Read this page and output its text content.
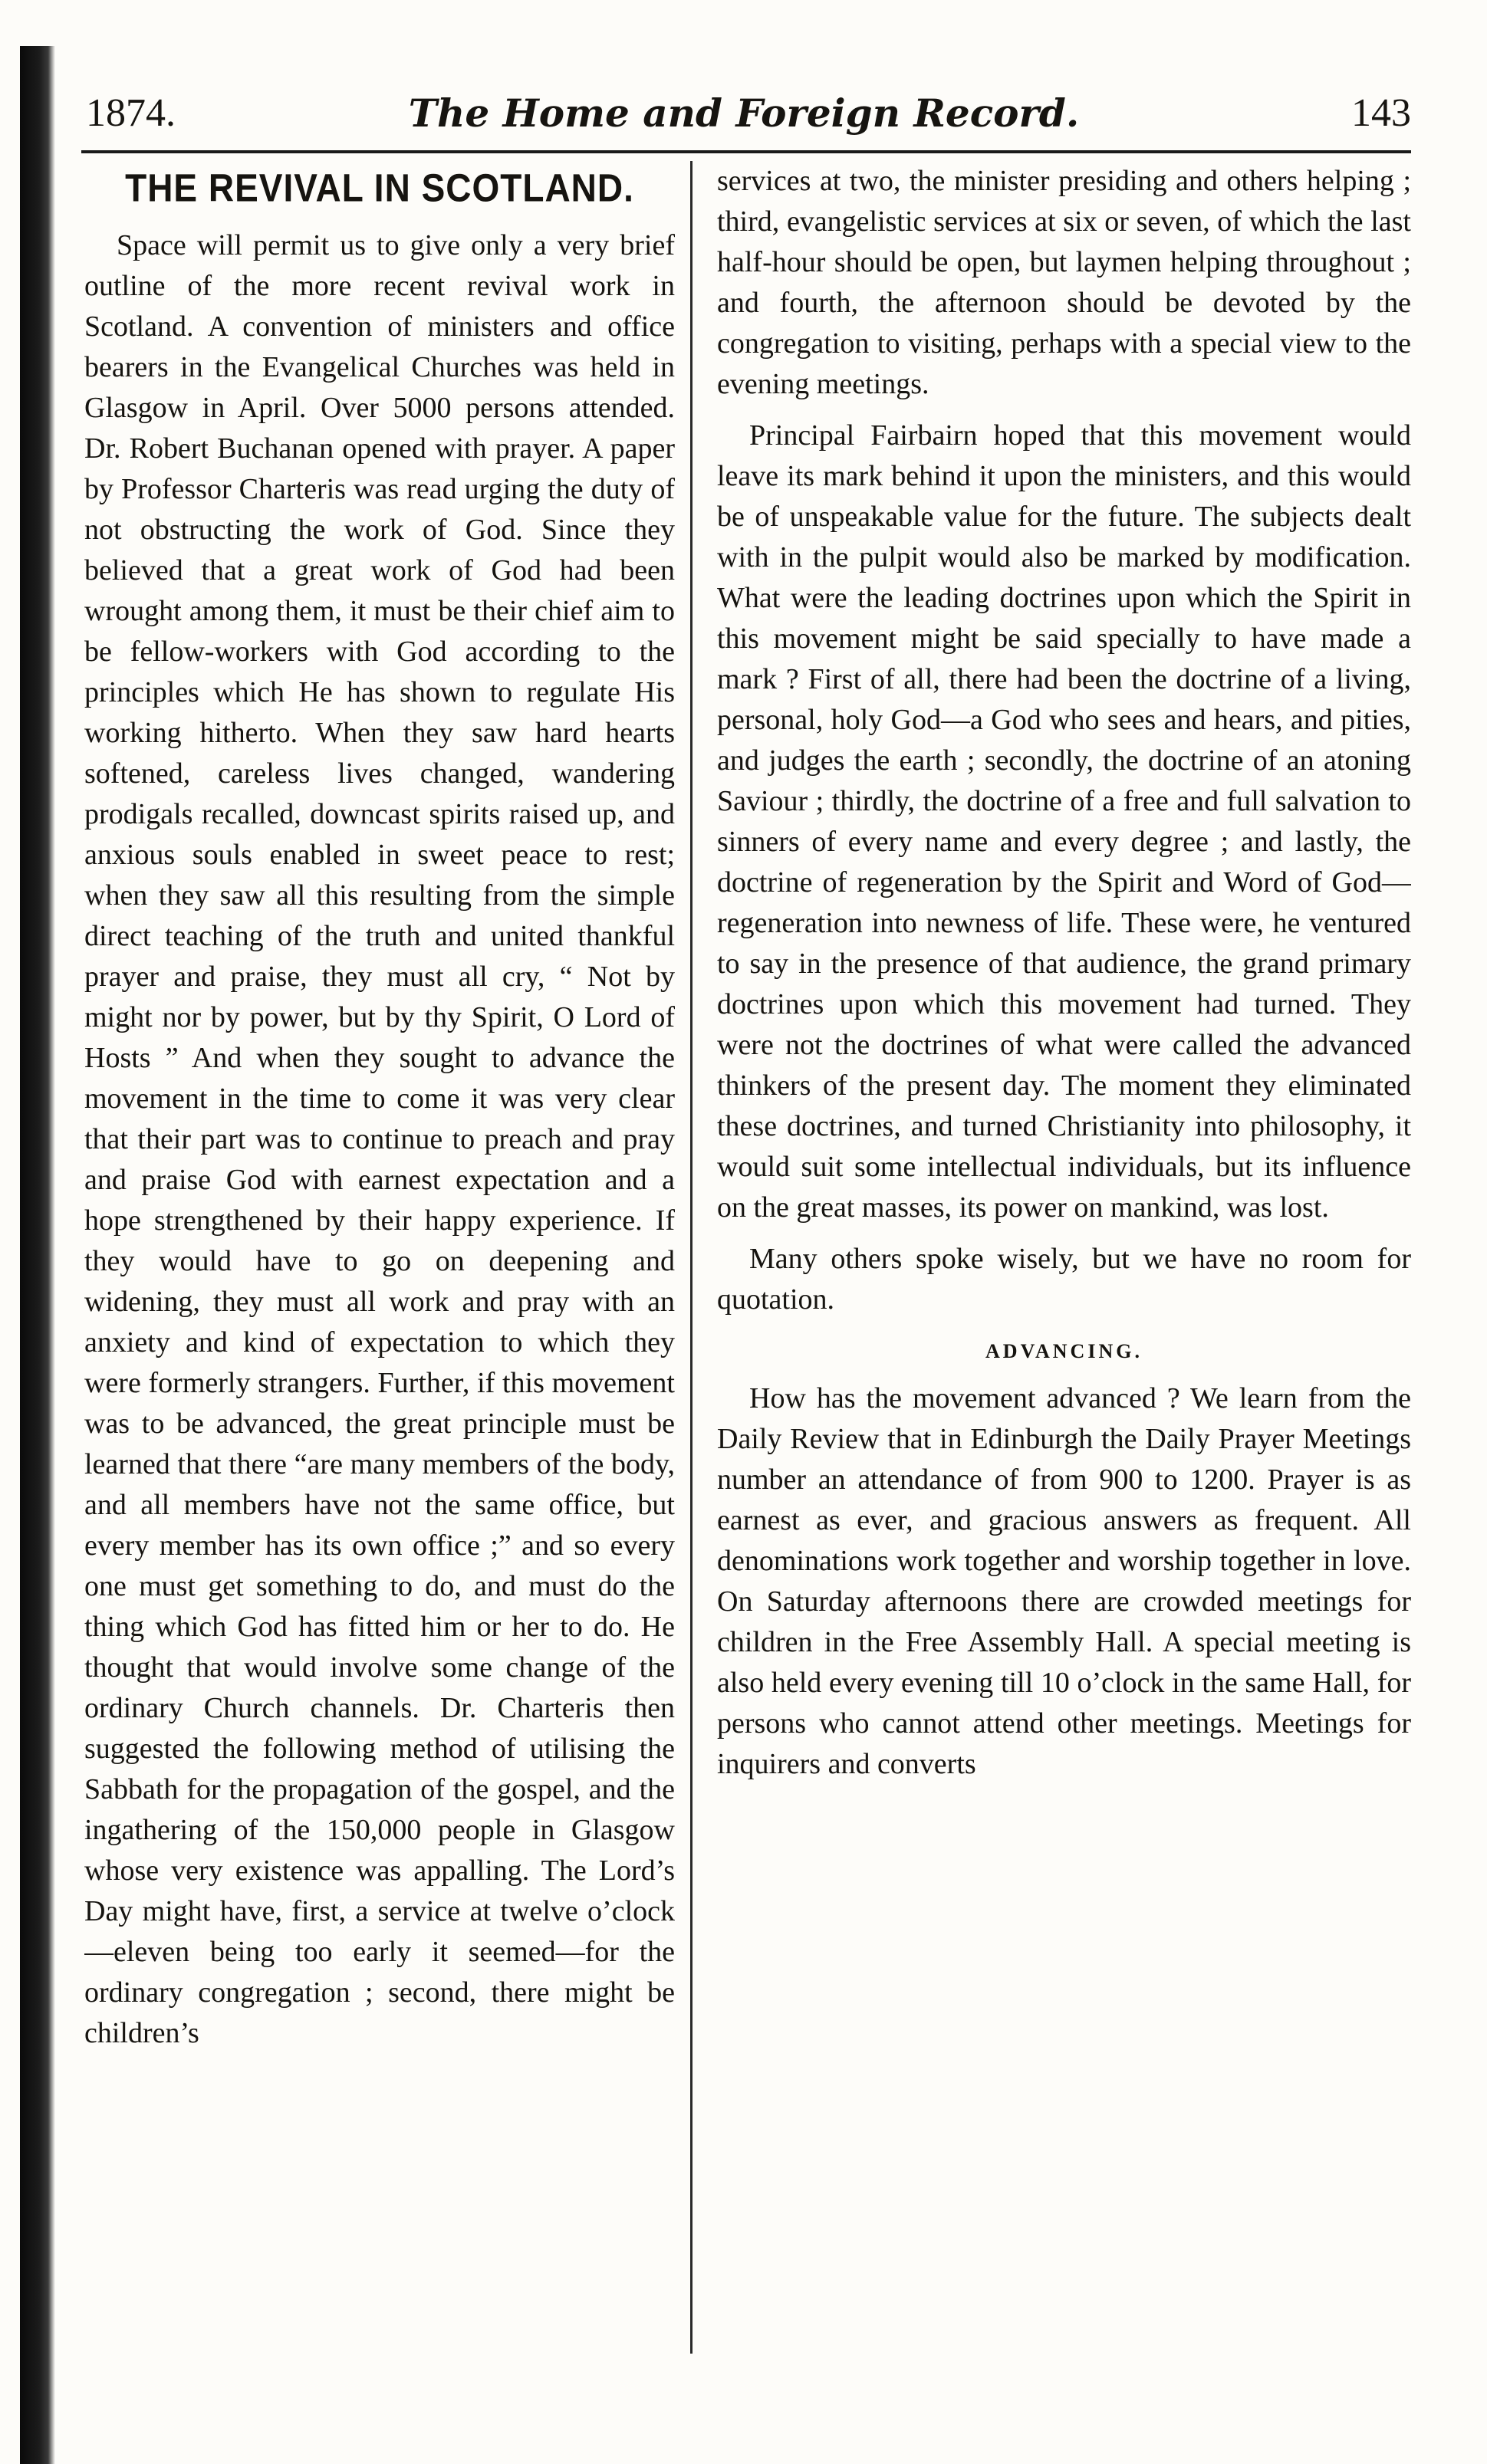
1874.	The Home and Foreign Record.	143
THE REVIVAL IN SCOTLAND.

Space will permit us to give only a very brief outline of the more recent revival work in Scotland. A convention of ministers and office bearers in the Evangelical Churches was held in Glasgow in April. Over 5000 persons attended. Dr. Robert Buchanan opened with prayer. A paper by Professor Charteris was read urging the duty of not obstructing the work of God. Since they believed that a great work of God had been wrought among them, it must be their chief aim to be fellow-workers with God according to the principles which He has shown to regulate His working hitherto. When they saw hard hearts softened, careless lives changed, wandering prodigals recalled, downcast spirits raised up, and anxious souls enabled in sweet peace to rest; when they saw all this resulting from the simple direct teaching of the truth and united thankful prayer and praise, they must all cry, “ Not by might nor by power, but by thy Spirit, O Lord of Hosts ” And when they sought to advance the movement in the time to come it was very clear that their part was to continue to preach and pray and praise God with earnest expectation and a hope strengthened by their happy experience. If they would have to go on deepening and widening, they must all work and pray with an anxiety and kind of expectation to which they were formerly strangers. Further, if this movement was to be advanced, the great principle must be learned that there “are many members of the body, and all members have not the same office, but every member has its own office ;” and so every one must get something to do, and must do the thing which God has fitted him or her to do. He thought that would involve some change of the ordinary Church channels. Dr. Charteris then suggested the following method of utilising the Sabbath for the propagation of the gospel, and the ingathering of the 150,000 people in Glasgow whose very existence was appalling. The Lord’s Day might have, first, a service at twelve o’clock—eleven being too early it seemed—for the ordinary congregation ; second, there might be children’s

services at two, the minister presiding and others helping ; third, evangelistic services at six or seven, of which the last half-hour should be open, but laymen helping throughout ; and fourth, the afternoon should be devoted by the congregation to visiting, perhaps with a special view to the evening meetings.

Principal Fairbairn hoped that this movement would leave its mark behind it upon the ministers, and this would be of unspeakable value for the future. The subjects dealt with in the pulpit would also be marked by modification. What were the leading doctrines upon which the Spirit in this movement might be said specially to have made a mark ? First of all, there had been the doctrine of a living, personal, holy God—a God who sees and hears, and pities, and judges the earth ; secondly, the doctrine of an atoning Saviour ; thirdly, the doctrine of a free and full salvation to sinners of every name and every degree ; and lastly, the doctrine of regeneration by the Spirit and Word of God—regeneration into newness of life. These were, he ventured to say in the presence of that audience, the grand primary doctrines upon which this movement had turned. They were not the doctrines of what were called the advanced thinkers of the present day. The moment they eliminated these doctrines, and turned Christianity into philosophy, it would suit some intellectual individuals, but its influence on the great masses, its power on mankind, was lost.

Many others spoke wisely, but we have no room for quotation.

ADVANCING.

How has the movement advanced ? We learn from the Daily Review that in Edinburgh the Daily Prayer Meetings number an attendance of from 900 to 1200. Prayer is as earnest as ever, and gracious answers as frequent. All denominations work together and worship together in love. On Saturday afternoons there are crowded meetings for children in the Free Assembly Hall. A special meeting is also held every evening till 10 o’clock in the same Hall, for persons who cannot attend other meetings. Meetings for inquirers and converts
